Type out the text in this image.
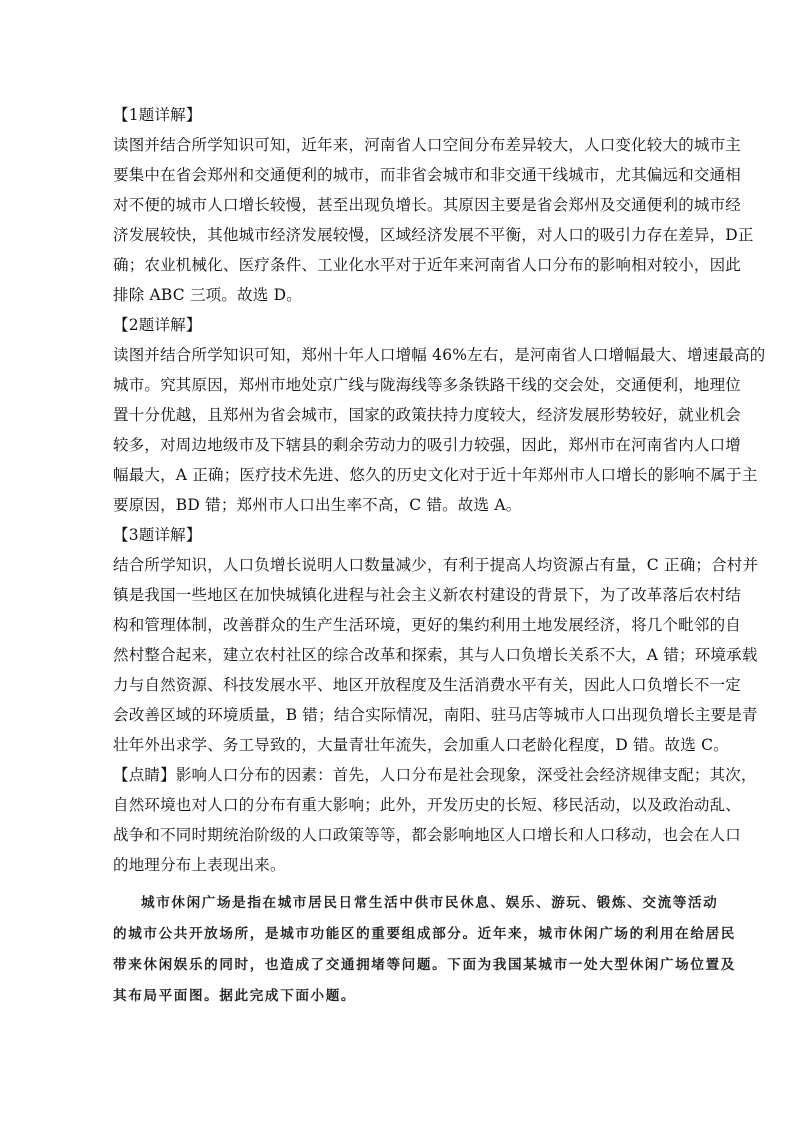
【1题详解】
读图并结合所学知识可知，近年来，河南省人口空间分布差异较大，人口变化较大的城市主
要集中在省会郑州和交通便利的城市，而非省会城市和非交通干线城市，尤其偏远和交通相
对不便的城市人口增长较慢，甚至出现负增长。其原因主要是省会郑州及交通便利的城市经
济发展较快，其他城市经济发展较慢，区域经济发展不平衡，对人口的吸引力存在差异，D正
确；农业机械化、医疗条件、工业化水平对于近年来河南省人口分布的影响相对较小，因此
排除 ABC 三项。故选 D。
【2题详解】
读图并结合所学知识可知，郑州十年人口增幅 46%左右，是河南省人口增幅最大、增速最高的
城市。究其原因，郑州市地处京广线与陇海线等多条铁路干线的交会处，交通便利，地理位
置十分优越，且郑州为省会城市，国家的政策扶持力度较大，经济发展形势较好，就业机会
较多，对周边地级市及下辖县的剩余劳动力的吸引力较强，因此，郑州市在河南省内人口增
幅最大，A 正确；医疗技术先进、悠久的历史文化对于近十年郑州市人口增长的影响不属于主
要原因，BD 错；郑州市人口出生率不高，C 错。故选 A。
【3题详解】
结合所学知识，人口负增长说明人口数量减少，有利于提高人均资源占有量，C 正确；合村并
镇是我国一些地区在加快城镇化进程与社会主义新农村建设的背景下，为了改革落后农村结
构和管理体制，改善群众的生产生活环境，更好的集约利用土地发展经济，将几个毗邻的自
然村整合起来，建立农村社区的综合改革和探索，其与人口负增长关系不大，A 错；环境承载
力与自然资源、科技发展水平、地区开放程度及生活消费水平有关，因此人口负增长不一定
会改善区域的环境质量，B 错；结合实际情况，南阳、驻马店等城市人口出现负增长主要是青
壮年外出求学、务工导致的，大量青壮年流失，会加重人口老龄化程度，D 错。故选 C。
【点睛】影响人口分布的因素：首先，人口分布是社会现象，深受社会经济规律支配；其次，
自然环境也对人口的分布有重大影响；此外，开发历史的长短、移民活动，以及政治动乱、
战争和不同时期统治阶级的人口政策等等，都会影响地区人口增长和人口移动，也会在人口
的地理分布上表现出来。
城市休闲广场是指在城市居民日常生活中供市民休息、娱乐、游玩、锻炼、交流等活动
的城市公共开放场所，是城市功能区的重要组成部分。近年来，城市休闲广场的利用在给居民
带来休闲娱乐的同时，也造成了交通拥堵等问题。下面为我国某城市一处大型休闲广场位置及
其布局平面图。据此完成下面小题。
